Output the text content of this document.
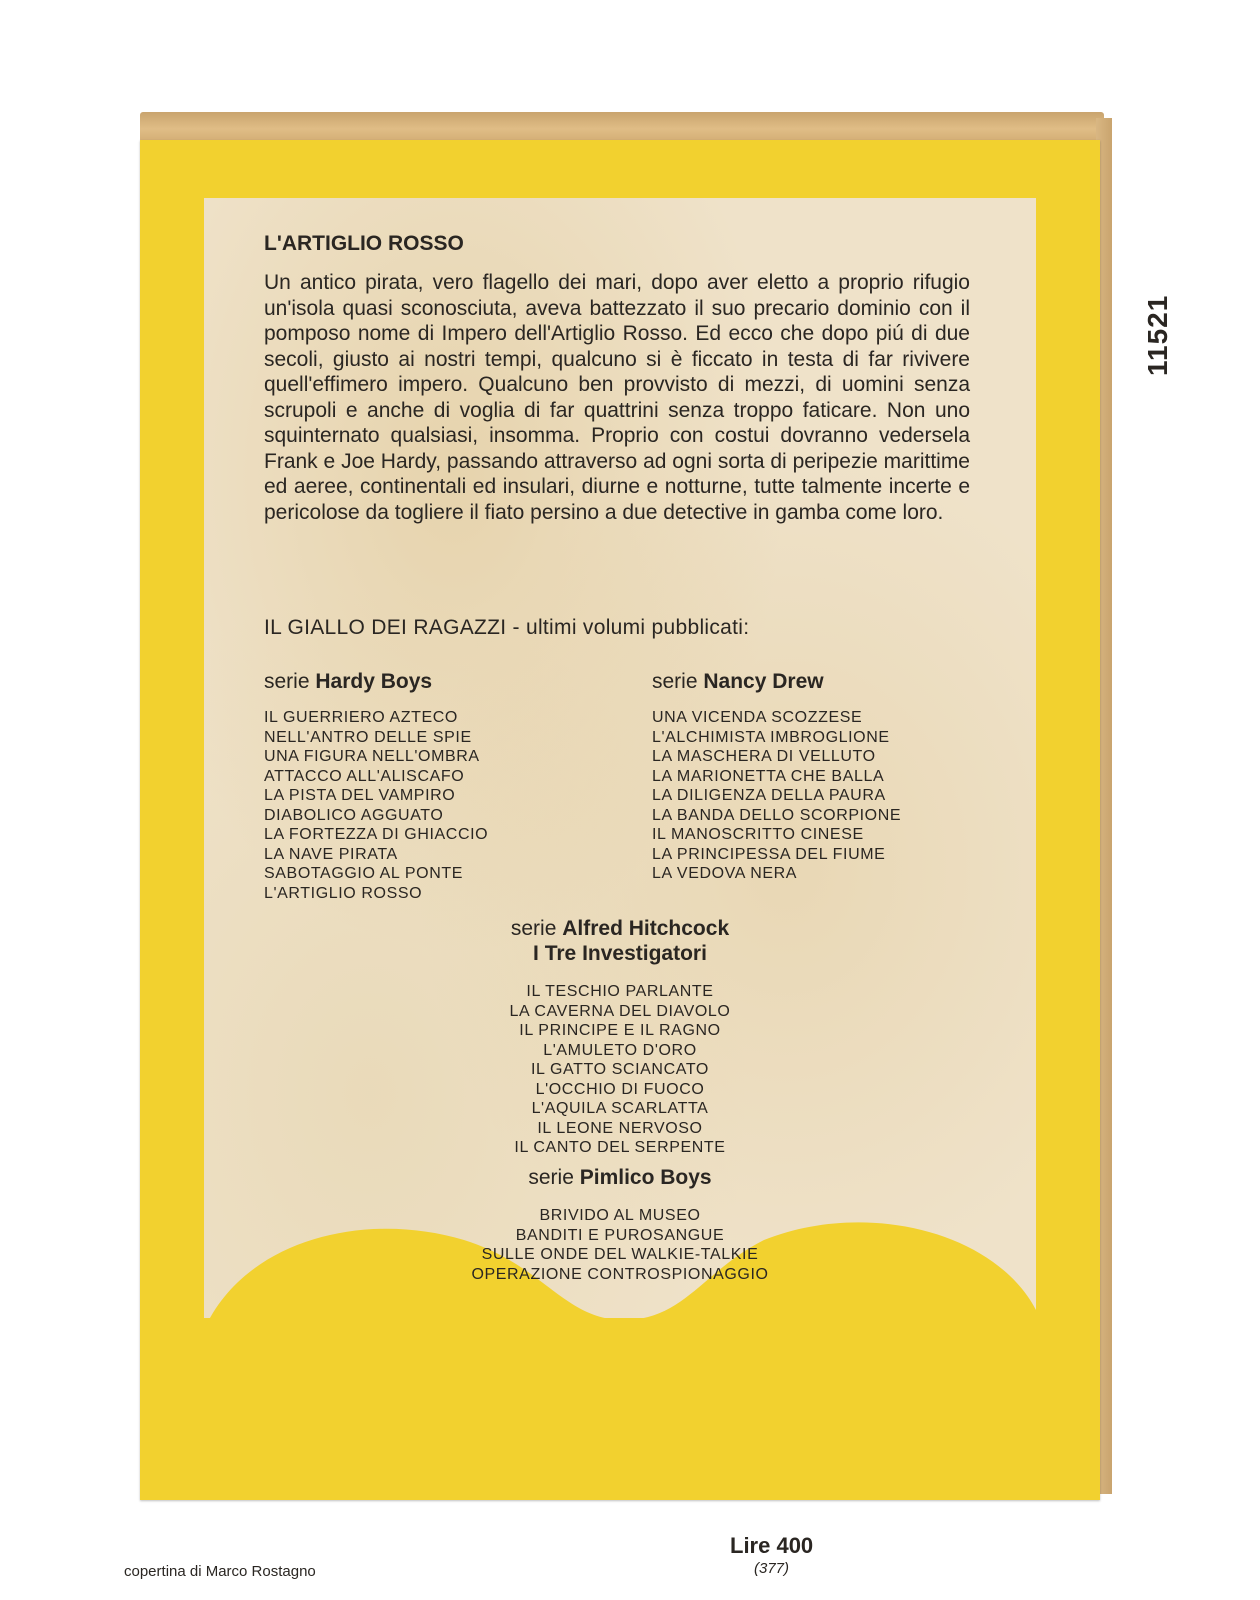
11521
L'ARTIGLIO ROSSO
Un antico pirata, vero flagello dei mari, dopo aver eletto a proprio rifugio un'isola quasi sconosciuta, aveva battezzato il suo precario dominio con il pomposo nome di Impero dell'Artiglio Rosso. Ed ecco che dopo piú di due secoli, giusto ai nostri tempi, qualcuno si è ficcato in testa di far rivivere quell'effimero impero. Qualcuno ben provvisto di mezzi, di uomini senza scrupoli e anche di voglia di far quattrini senza troppo faticare. Non uno squinternato qualsiasi, insomma. Proprio con costui dovranno vedersela Frank e Joe Hardy, passando attraverso ad ogni sorta di peripezie marittime ed aeree, continentali ed insulari, diurne e notturne, tutte talmente incerte e pericolose da togliere il fiato persino a due detective in gamba come loro.
IL GIALLO DEI RAGAZZI - ultimi volumi pubblicati:
serie Hardy Boys
IL GUERRIERO AZTECO
NELL'ANTRO DELLE SPIE
UNA FIGURA NELL'OMBRA
ATTACCO ALL'ALISCAFO
LA PISTA DEL VAMPIRO
DIABOLICO AGGUATO
LA FORTEZZA DI GHIACCIO
LA NAVE PIRATA
SABOTAGGIO AL PONTE
L'ARTIGLIO ROSSO
serie Nancy Drew
UNA VICENDA SCOZZESE
L'ALCHIMISTA IMBROGLIONE
LA MASCHERA DI VELLUTO
LA MARIONETTA CHE BALLA
LA DILIGENZA DELLA PAURA
LA BANDA DELLO SCORPIONE
IL MANOSCRITTO CINESE
LA PRINCIPESSA DEL FIUME
LA VEDOVA NERA
serie Alfred Hitchcock
I Tre Investigatori
IL TESCHIO PARLANTE
LA CAVERNA DEL DIAVOLO
IL PRINCIPE E IL RAGNO
L'AMULETO D'ORO
IL GATTO SCIANCATO
L'OCCHIO DI FUOCO
L'AQUILA SCARLATTA
IL LEONE NERVOSO
IL CANTO DEL SERPENTE
serie Pimlico Boys
BRIVIDO AL MUSEO
BANDITI E PUROSANGUE
SULLE ONDE DEL WALKIE-TALKIE
OPERAZIONE CONTROSPIONAGGIO
copertina di Marco Rostagno
Lire 400
(377)
